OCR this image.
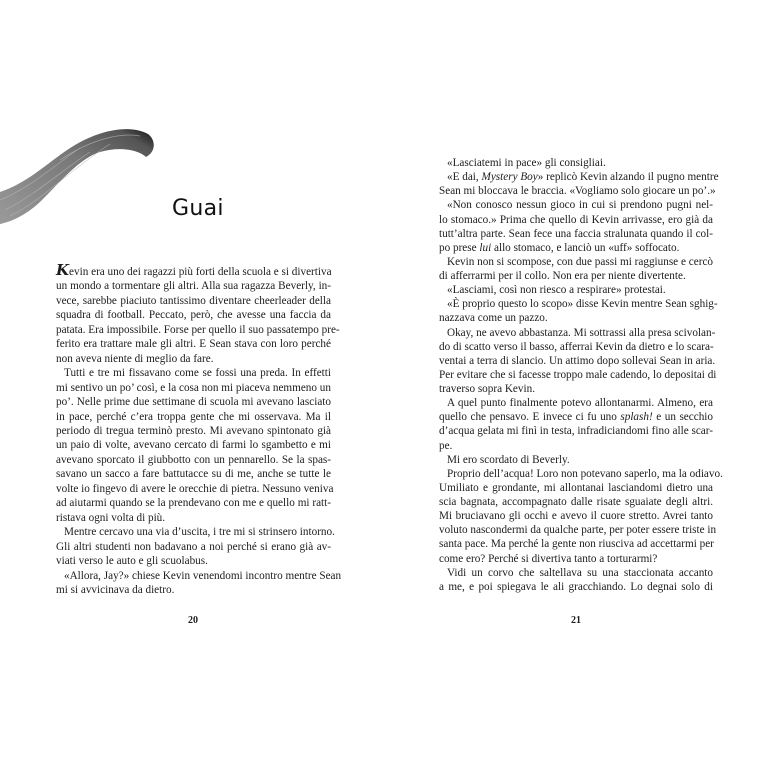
Guai
Kevin era uno dei ragazzi più forti della scuola e si divertiva
un mondo a tormentare gli altri. Alla sua ragazza Beverly, in-
vece, sarebbe piaciuto tantissimo diventare cheerleader della
squadra di football. Peccato, però, che avesse una faccia da
patata. Era impossibile. Forse per quello il suo passatempo pre-
ferito era trattare male gli altri. E Sean stava con loro perché
non aveva niente di meglio da fare.
Tutti e tre mi fissavano come se fossi una preda. In effetti
mi sentivo un po’ così, e la cosa non mi piaceva nemmeno un
po’. Nelle prime due settimane di scuola mi avevano lasciato
in pace, perché c’era troppa gente che mi osservava. Ma il
periodo di tregua terminò presto. Mi avevano spintonato già
un paio di volte, avevano cercato di farmi lo sgambetto e mi
avevano sporcato il giubbotto con un pennarello. Se la spas-
savano un sacco a fare battutacce su di me, anche se tutte le
volte io fingevo di avere le orecchie di pietra. Nessuno veniva
ad aiutarmi quando se la prendevano con me e quello mi ratt-
ristava ogni volta di più.
Mentre cercavo una via d’uscita, i tre mi si strinsero intorno.
Gli altri studenti non badavano a noi perché si erano già av-
viati verso le auto e gli scuolabus.
«Allora, Jay?» chiese Kevin venendomi incontro mentre Sean
mi si avvicinava da dietro.
20
«Lasciatemi in pace» gli consigliai.
«E dai, Mystery Boy» replicò Kevin alzando il pugno mentre
Sean mi bloccava le braccia. «Vogliamo solo giocare un po’.»
«Non conosco nessun gioco in cui si prendono pugni nel-
lo stomaco.» Prima che quello di Kevin arrivasse, ero già da
tutt’altra parte. Sean fece una faccia stralunata quando il col-
po prese lui allo stomaco, e lanciò un «uff» soffocato.
Kevin non si scompose, con due passi mi raggiunse e cercò
di afferrarmi per il collo. Non era per niente divertente.
«Lasciami, così non riesco a respirare» protestai.
«È proprio questo lo scopo» disse Kevin mentre Sean sghig-
nazzava come un pazzo.
Okay, ne avevo abbastanza. Mi sottrassi alla presa scivolan-
do di scatto verso il basso, afferrai Kevin da dietro e lo scara-
ventai a terra di slancio. Un attimo dopo sollevai Sean in aria.
Per evitare che si facesse troppo male cadendo, lo depositai di
traverso sopra Kevin.
A quel punto finalmente potevo allontanarmi. Almeno, era
quello che pensavo. E invece ci fu uno splash! e un secchio
d’acqua gelata mi finì in testa, infradiciandomi fino alle scar-
pe.
Mi ero scordato di Beverly.
Proprio dell’acqua! Loro non potevano saperlo, ma la odiavo.
Umiliato e grondante, mi allontanai lasciandomi dietro una
scia bagnata, accompagnato dalle risate sguaiate degli altri.
Mi bruciavano gli occhi e avevo il cuore stretto. Avrei tanto
voluto nascondermi da qualche parte, per poter essere triste in
santa pace. Ma perché la gente non riusciva ad accettarmi per
come ero? Perché si divertiva tanto a torturarmi?
Vidi un corvo che saltellava su una staccionata accanto
a me, e poi spiegava le ali gracchiando. Lo degnai solo di
21
